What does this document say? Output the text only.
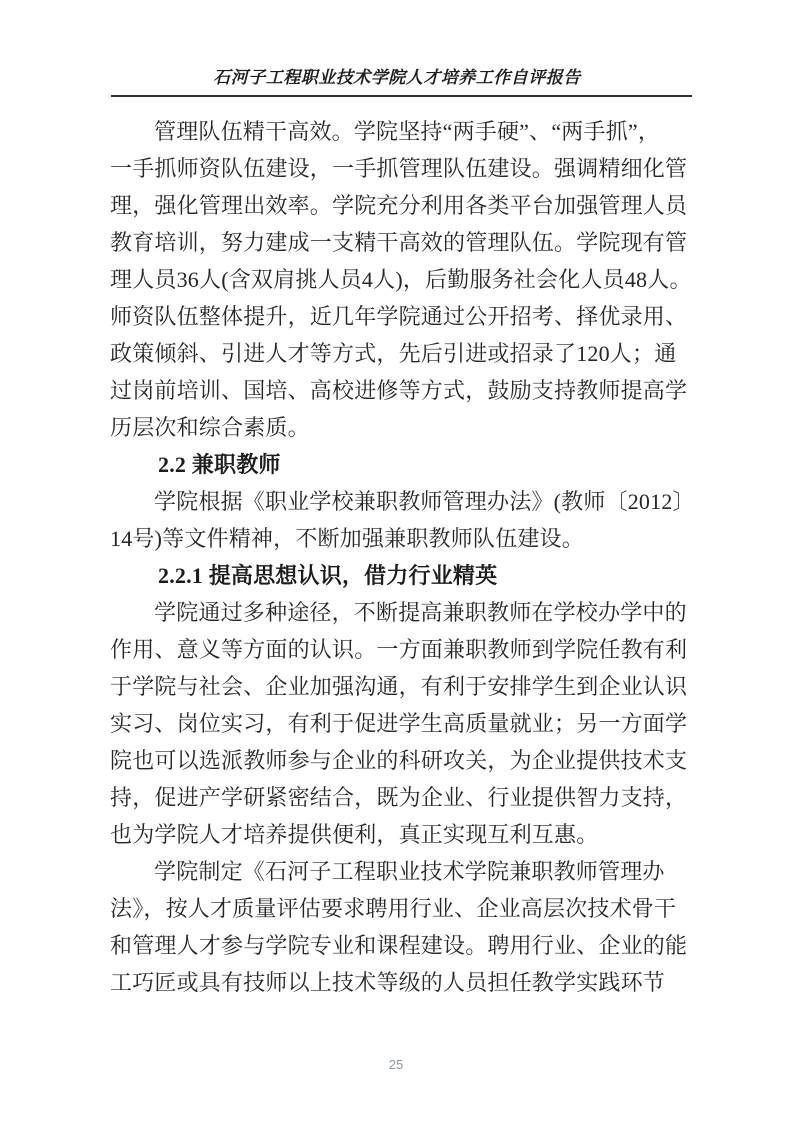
石河子工程职业技术学院人才培养工作自评报告
管理队伍精干高效。学院坚持“两手硬”、“两手抓”，
一手抓师资队伍建设，一手抓管理队伍建设。强调精细化管
理，强化管理出效率。学院充分利用各类平台加强管理人员
教育培训，努力建成一支精干高效的管理队伍。学院现有管
理人员36人(含双肩挑人员4人)，后勤服务社会化人员48人。
师资队伍整体提升，近几年学院通过公开招考、择优录用、
政策倾斜、引进人才等方式，先后引进或招录了120人；通
过岗前培训、国培、高校进修等方式，鼓励支持教师提高学
历层次和综合素质。
2.2 兼职教师
学院根据《职业学校兼职教师管理办法》(教师〔2012〕
14号)等文件精神，不断加强兼职教师队伍建设。
2.2.1 提高思想认识，借力行业精英
学院通过多种途径，不断提高兼职教师在学校办学中的
作用、意义等方面的认识。一方面兼职教师到学院任教有利
于学院与社会、企业加强沟通，有利于安排学生到企业认识
实习、岗位实习，有利于促进学生高质量就业；另一方面学
院也可以选派教师参与企业的科研攻关，为企业提供技术支
持，促进产学研紧密结合，既为企业、行业提供智力支持，
也为学院人才培养提供便利，真正实现互利互惠。
学院制定《石河子工程职业技术学院兼职教师管理办
法》，按人才质量评估要求聘用行业、企业高层次技术骨干
和管理人才参与学院专业和课程建设。聘用行业、企业的能
工巧匠或具有技师以上技术等级的人员担任教学实践环节
25
